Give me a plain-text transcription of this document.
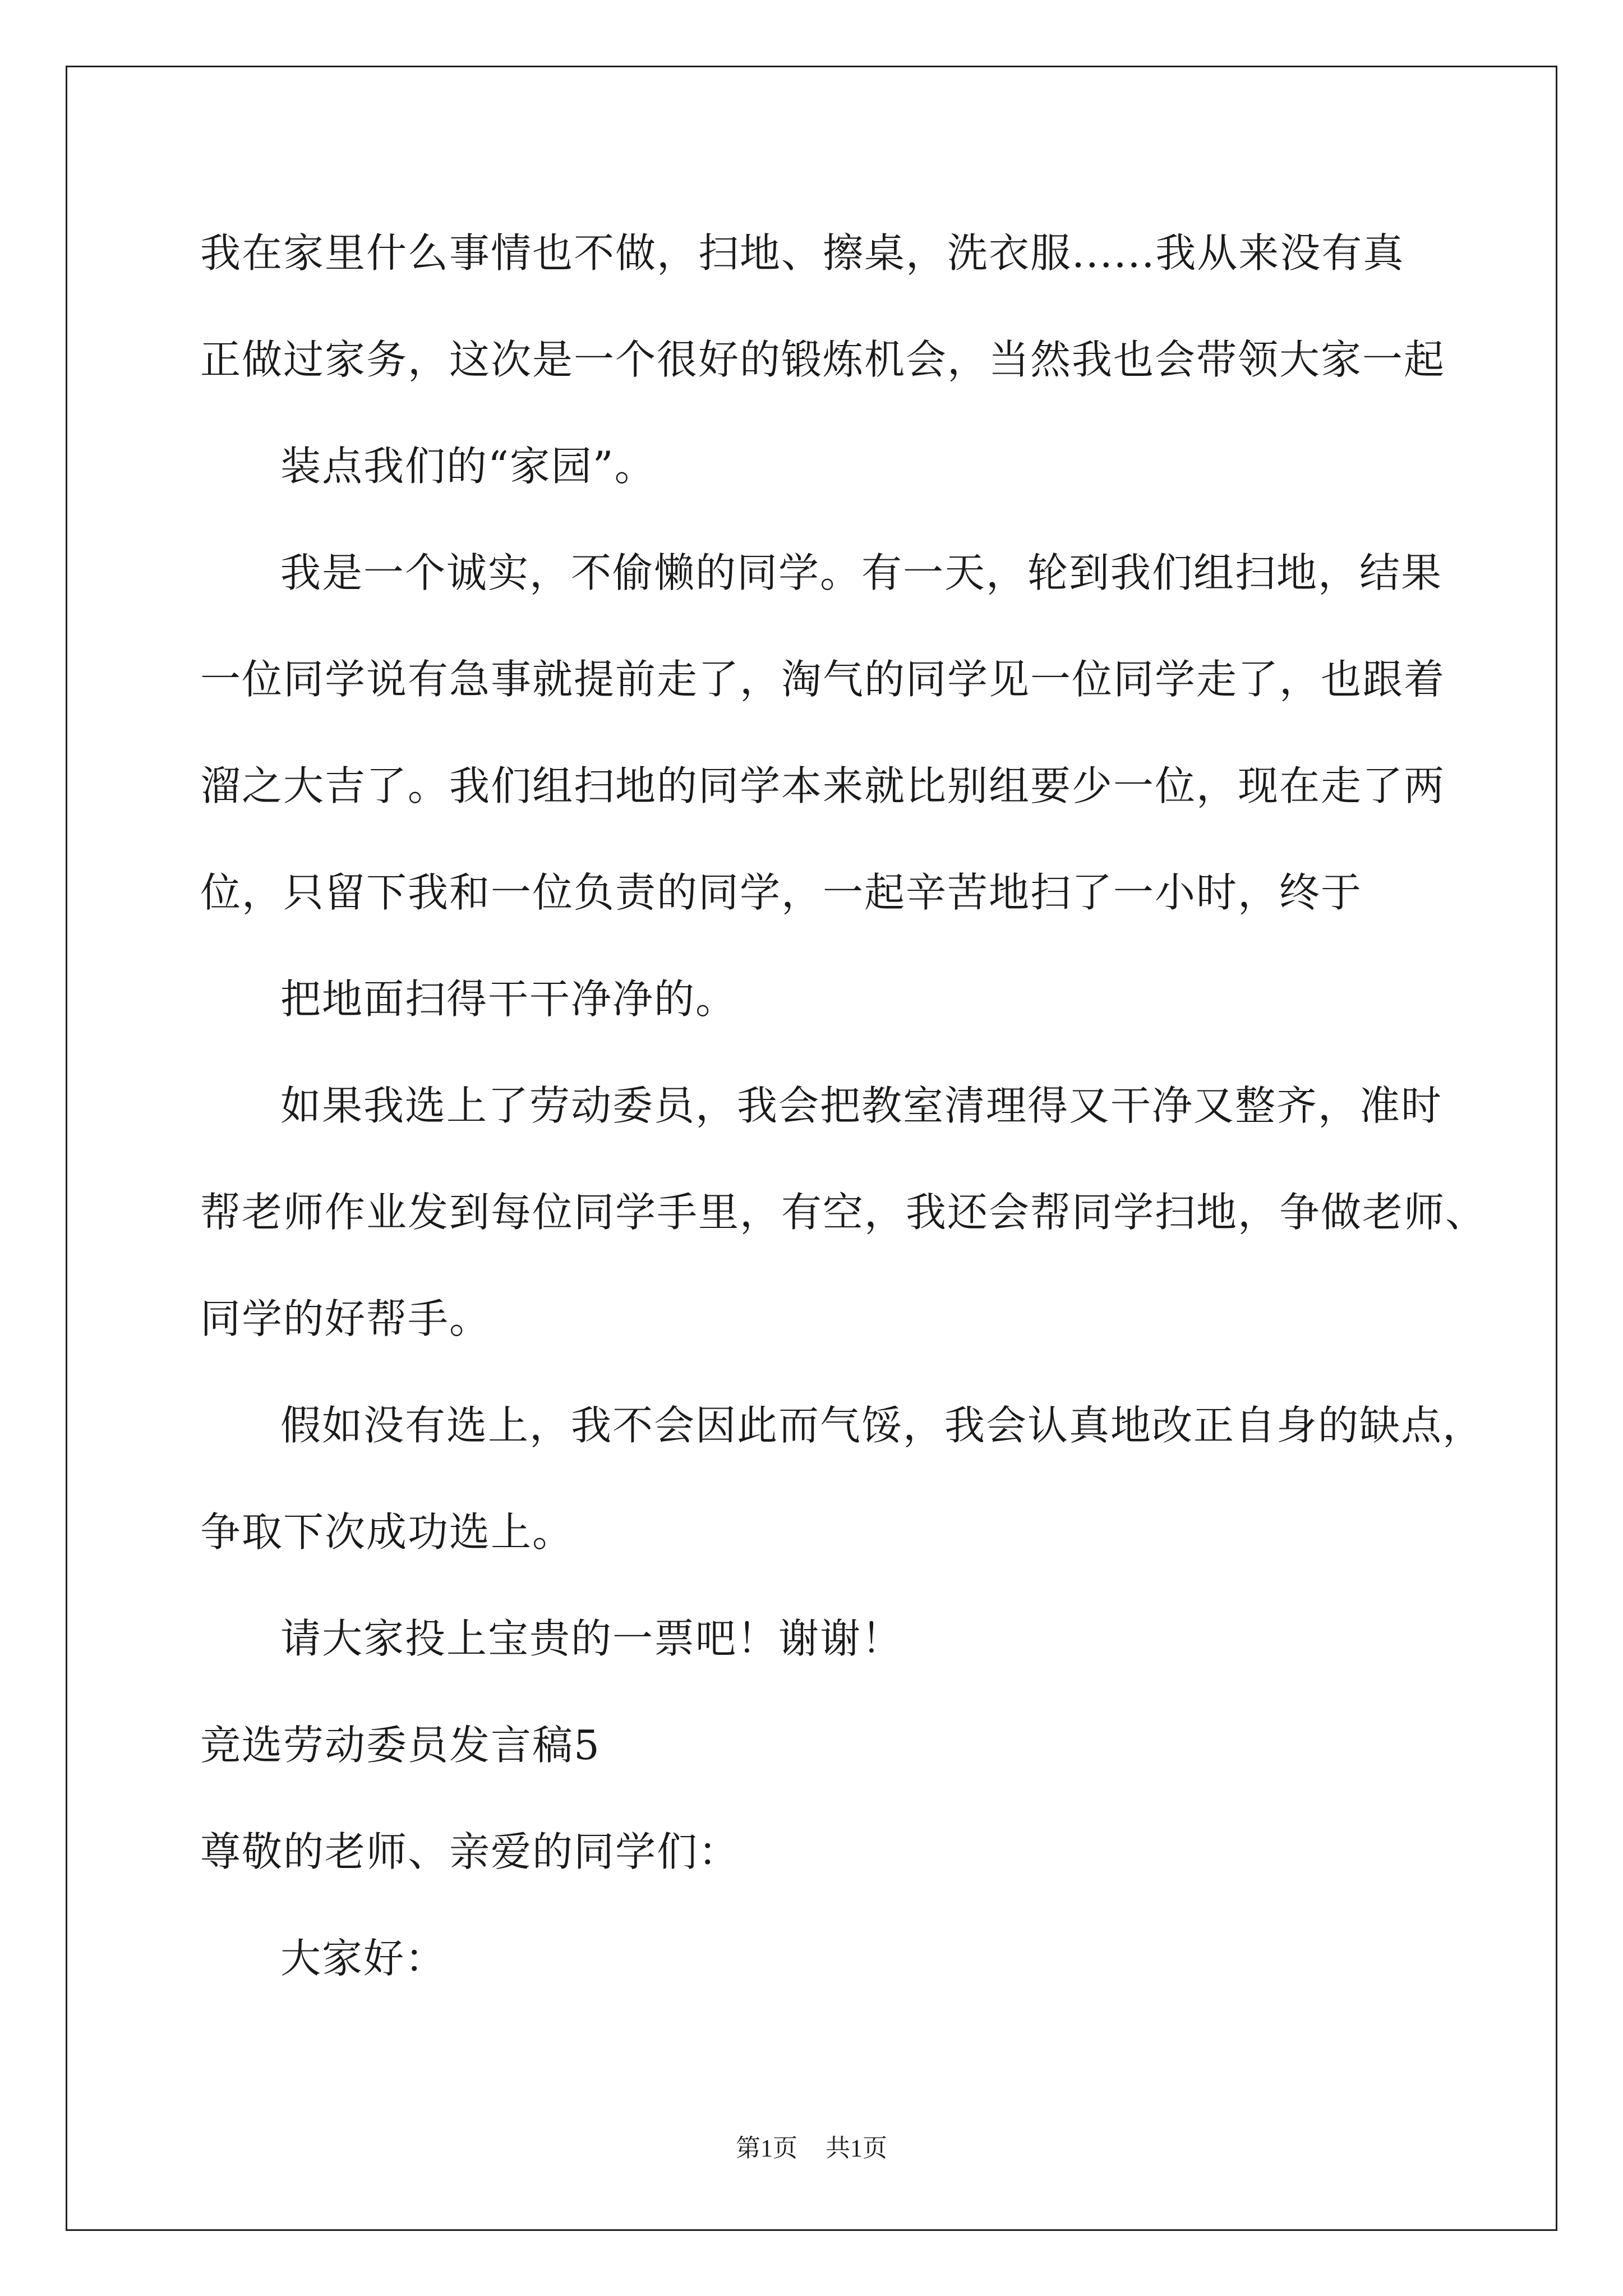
我在家里什么事情也不做，扫地、擦桌，洗衣服......我从来没有真
正做过家务，这次是一个很好的锻炼机会，当然我也会带领大家一起
装点我们的“家园”。
我是一个诚实，不偷懒的同学。有一天，轮到我们组扫地，结果
一位同学说有急事就提前走了，淘气的同学见一位同学走了，也跟着
溜之大吉了。我们组扫地的同学本来就比别组要少一位，现在走了两
位，只留下我和一位负责的同学，一起辛苦地扫了一小时，终于
把地面扫得干干净净的。
如果我选上了劳动委员，我会把教室清理得又干净又整齐，准时
帮老师作业发到每位同学手里，有空，我还会帮同学扫地，争做老师、
同学的好帮手。
假如没有选上，我不会因此而气馁，我会认真地改正自身的缺点，
争取下次成功选上。
请大家投上宝贵的一票吧！谢谢！
竞选劳动委员发言稿5
尊敬的老师、亲爱的同学们：
大家好：
第1页 共1页
